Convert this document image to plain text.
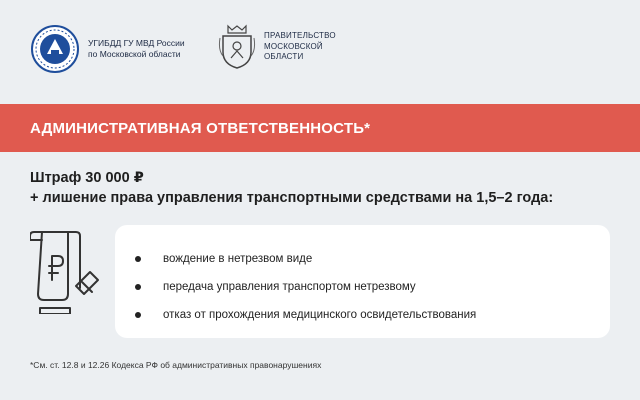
УГИБДД ГУ МВД России
по Московской области
ПРАВИТЕЛЬСТВО
МОСКОВСКОЙ
ОБЛАСТИ
АДМИНИСТРАТИВНАЯ ОТВЕТСТВЕННОСТЬ*
Штраф 30 000 ₽
+ лишение права управления транспортными средствами на 1,5–2 года:
вождение в нетрезвом виде
передача управления транспортом нетрезвому
отказ от прохождения медицинского освидетельствования
*См. ст. 12.8 и 12.26 Кодекса РФ об административных правонарушениях
